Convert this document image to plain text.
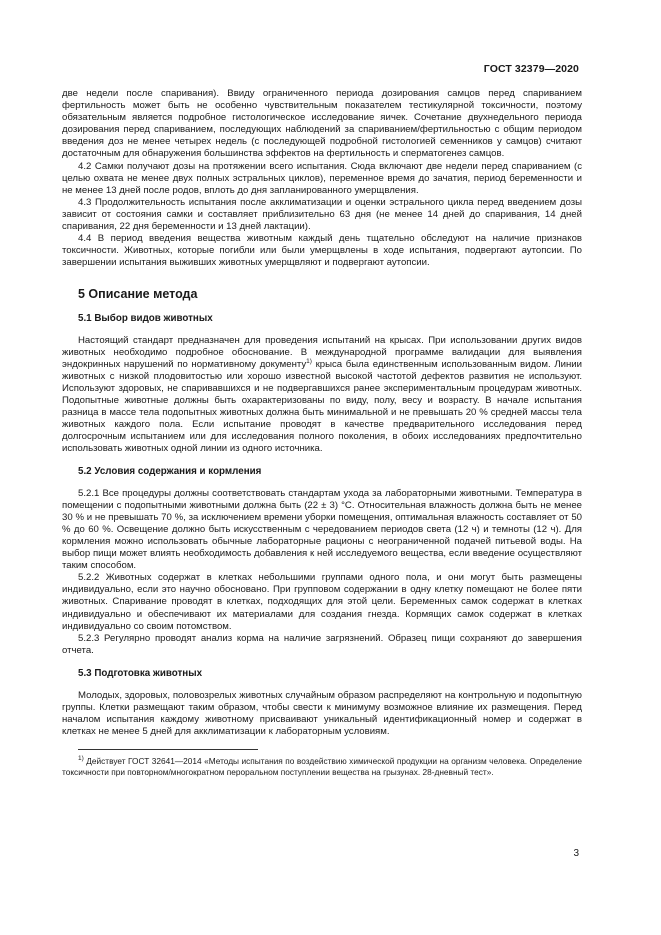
ГОСТ 32379—2020

две недели после спаривания). Ввиду ограниченного периода дозирования самцов перед спариванием фертильность может быть не особенно чувствительным показателем тестикулярной токсичности, поэтому обязательным является подробное гистологическое исследование яичек. Сочетание двухнедельного периода дозирования перед спариванием, последующих наблюдений за спариванием/фертильностью с общим периодом введения доз не менее четырех недель (с последующей подробной гистологией семенников у самцов) считают достаточным для обнаружения большинства эффектов на фертильность и сперматогенез самцов.

4.2 Самки получают дозы на протяжении всего испытания. Сюда включают две недели перед спариванием (с целью охвата не менее двух полных эстральных циклов), переменное время до зачатия, период беременности и не менее 13 дней после родов, вплоть до дня запланированного умерщвления.

4.3 Продолжительность испытания после акклиматизации и оценки эстрального цикла перед введением дозы зависит от состояния самки и составляет приблизительно 63 дня (не менее 14 дней до спаривания, 14 дней спаривания, 22 дня беременности и 13 дней лактации).

4.4 В период введения вещества животным каждый день тщательно обследуют на наличие признаков токсичности. Животных, которые погибли или были умерщвлены в ходе испытания, подвергают аутопсии. По завершении испытания выживших животных умерщвляют и подвергают аутопсии.

5 Описание метода
5.1 Выбор видов животных

Настоящий стандарт предназначен для проведения испытаний на крысах. При использовании других видов животных необходимо подробное обоснование. В международной программе валидации для выявления эндокринных нарушений по нормативному документу$^{1)}$ крыса была единственным использованным видом. Линии животных с низкой плодовитостью или хорошо известной высокой частотой дефектов развития не используют. Используют здоровых, не спаривавшихся и не подвергавшихся ранее экспериментальным процедурам животных. Подопытные животные должны быть охарактеризованы по виду, полу, весу и возрасту. В начале испытания разница в массе тела подопытных животных должна быть минимальной и не превышать 20 % средней массы тела животных каждого пола. Если испытание проводят в качестве предварительного исследования перед долгосрочным испытанием или для исследования полного поколения, в обоих исследованиях предпочтительно использовать животных одной линии из одного источника.

5.2 Условия содержания и кормления

5.2.1 Все процедуры должны соответствовать стандартам ухода за лабораторными животными. Температура в помещении с подопытными животными должна быть (22 ± 3) °С. Относительная влажность должна быть не менее 30 % и не превышать 70 %, за исключением времени уборки помещения, оптимальная влажность составляет от 50 % до 60 %. Освещение должно быть искусственным с чередованием периодов света (12 ч) и темноты (12 ч). Для кормления можно использовать обычные лабораторные рационы с неограниченной подачей питьевой воды. На выбор пищи может влиять необходимость добавления к ней исследуемого вещества, если введение осуществляют таким способом.

5.2.2 Животных содержат в клетках небольшими группами одного пола, и они могут быть размещены индивидуально, если это научно обосновано. При групповом содержании в одну клетку помещают не более пяти животных. Спаривание проводят в клетках, подходящих для этой цели. Беременных самок содержат в клетках индивидуально и обеспечивают их материалами для создания гнезда. Кормящих самок содержат в клетках индивидуально со своим потомством.

5.2.3 Регулярно проводят анализ корма на наличие загрязнений. Образец пищи сохраняют до завершения отчета.

5.3 Подготовка животных

Молодых, здоровых, половозрелых животных случайным образом распределяют на контрольную и подопытную группы. Клетки размещают таким образом, чтобы свести к минимуму возможное влияние их размещения. Перед началом испытания каждому животному присваивают уникальный идентификационный номер и содержат в клетках не менее 5 дней для акклиматизации к лабораторным условиям.

$^{1)}$ Действует ГОСТ 32641—2014 «Методы испытания по воздействию химической продукции на организм человека. Определение токсичности при повторном/многократном пероральном поступлении вещества на грызунах. 28-дневный тест».

3
